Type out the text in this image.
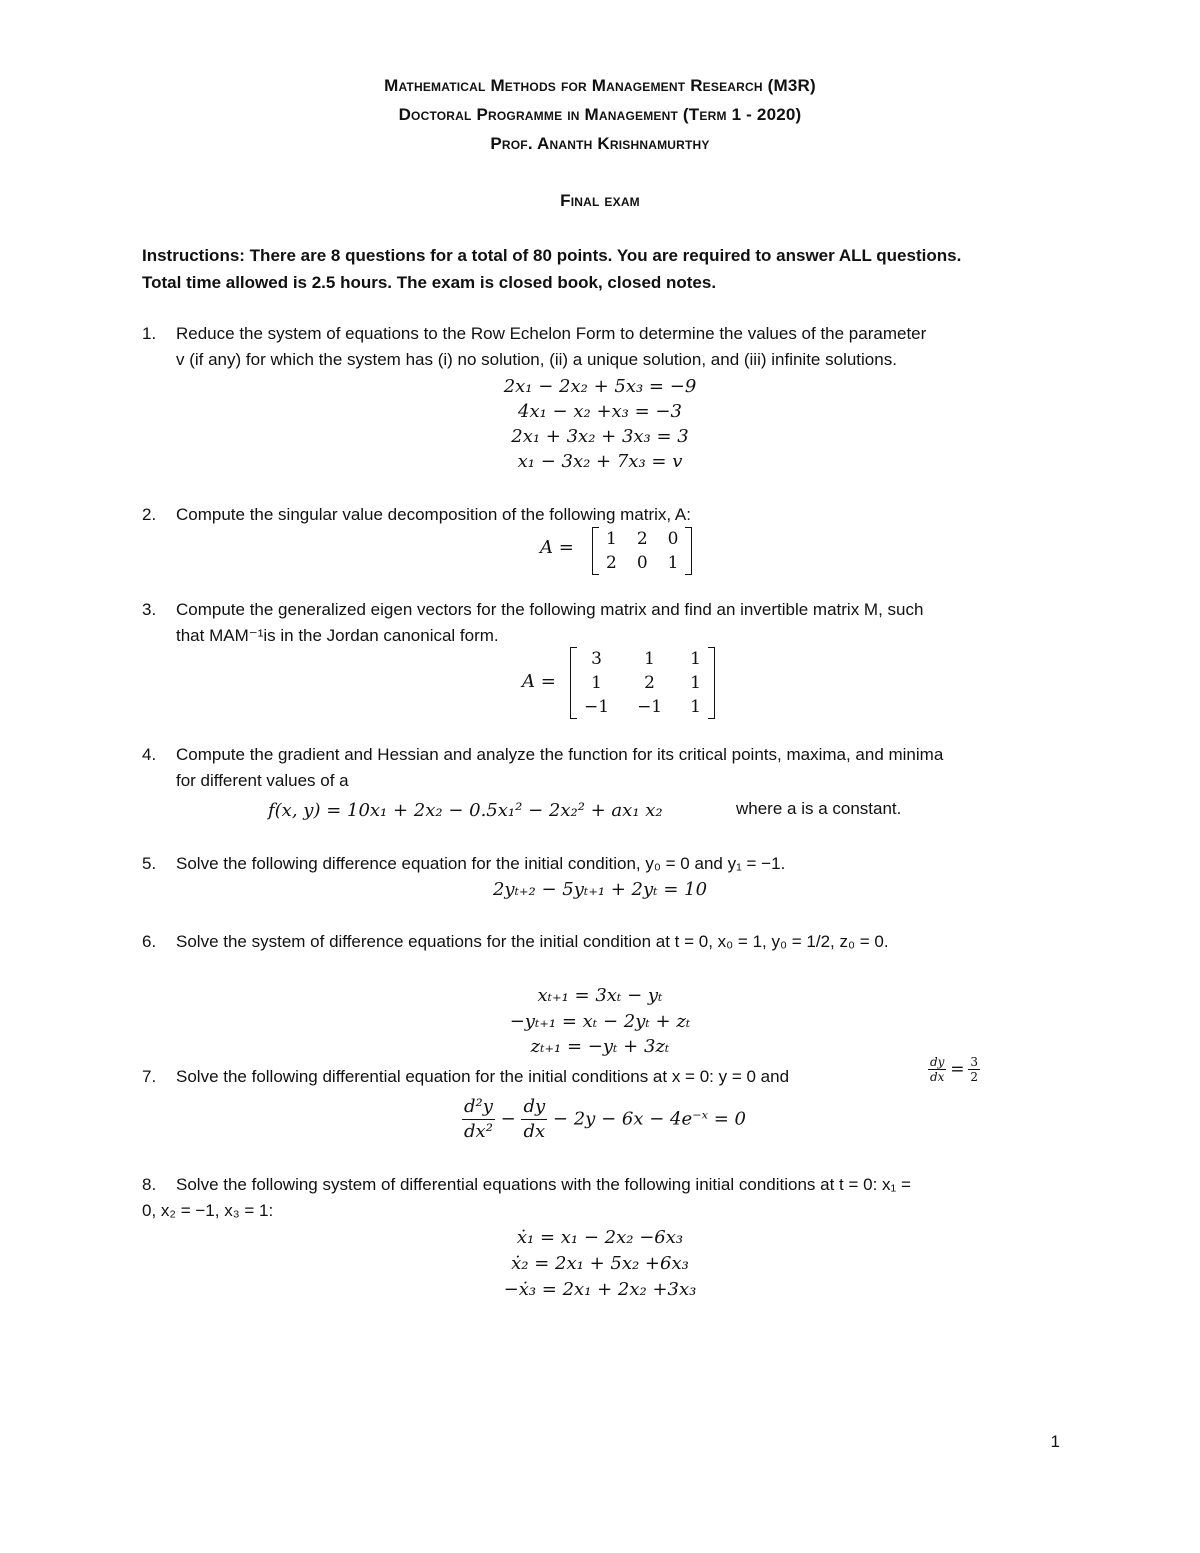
Mathematical Methods for Management Research (M3R)
Doctoral Programme in Management (Term 1 - 2020)
Prof. Ananth Krishnamurthy
Final exam
Instructions: There are 8 questions for a total of 80 points. You are required to answer ALL questions.
Total time allowed is 2.5 hours. The exam is closed book, closed notes.
1.	Reduce the system of equations to the Row Echelon Form to determine the values of the parameter
v (if any) for which the system has (i) no solution, (ii) a unique solution, and (iii) infinite solutions.
2x₁ − 2x₂ + 5x₃ = −9
4x₁ − x₂ +x₃ = −3
2x₁ + 3x₂ + 3x₃ = 3
x₁ − 3x₂ + 7x₃ = v
2.	Compute the singular value decomposition of the following matrix, A:
A = 1	2	0
2	0	1
3.	Compute the generalized eigen vectors for the following matrix and find an invertible matrix M, such
that MAM⁻¹is in the Jordan canonical form.
A =
3	1	1
1	2	1
−1	−1	1
4.	Compute the gradient and Hessian and analyze the function for its critical points, maxima, and minima
for different values of a
f(x, y) = 10x₁ + 2x₂ − 0.5x₁² − 2x₂² + ax₁ x₂	where a is a constant.
5.	Solve the following difference equation for the initial condition, y₀ = 0 and y₁ = −1.
2yₜ₊₂ − 5yₜ₊₁ + 2yₜ = 10
6.	Solve the system of difference equations for the initial condition at t = 0, x₀ = 1, y₀ = 1/2, z₀ = 0.
xₜ₊₁ = 3xₜ − yₜ
−yₜ₊₁ = xₜ − 2yₜ + zₜ
zₜ₊₁ = −yₜ + 3zₜ
7.	Solve the following differential equation for the initial conditions at x = 0: y = 0 and	$\frac{dy}{dx} = \frac{3}{2}$
$\frac{\text{d²y}}{\text{dx²}} - \frac{dy}{dx} - 2y - 6x$ − 4e⁻ˣ = 0
8.	Solve the following system of differential equations with the following initial conditions at t = 0: x₁ =
0, x₂ = −1, x₃ = 1:
ẋ₁ = x₁ − 2x₂ −6x₃
ẋ₂ = 2x₁ + 5x₂ +6x₃
−ẋ₃ = 2x₁ + 2x₂ +3x₃
1
